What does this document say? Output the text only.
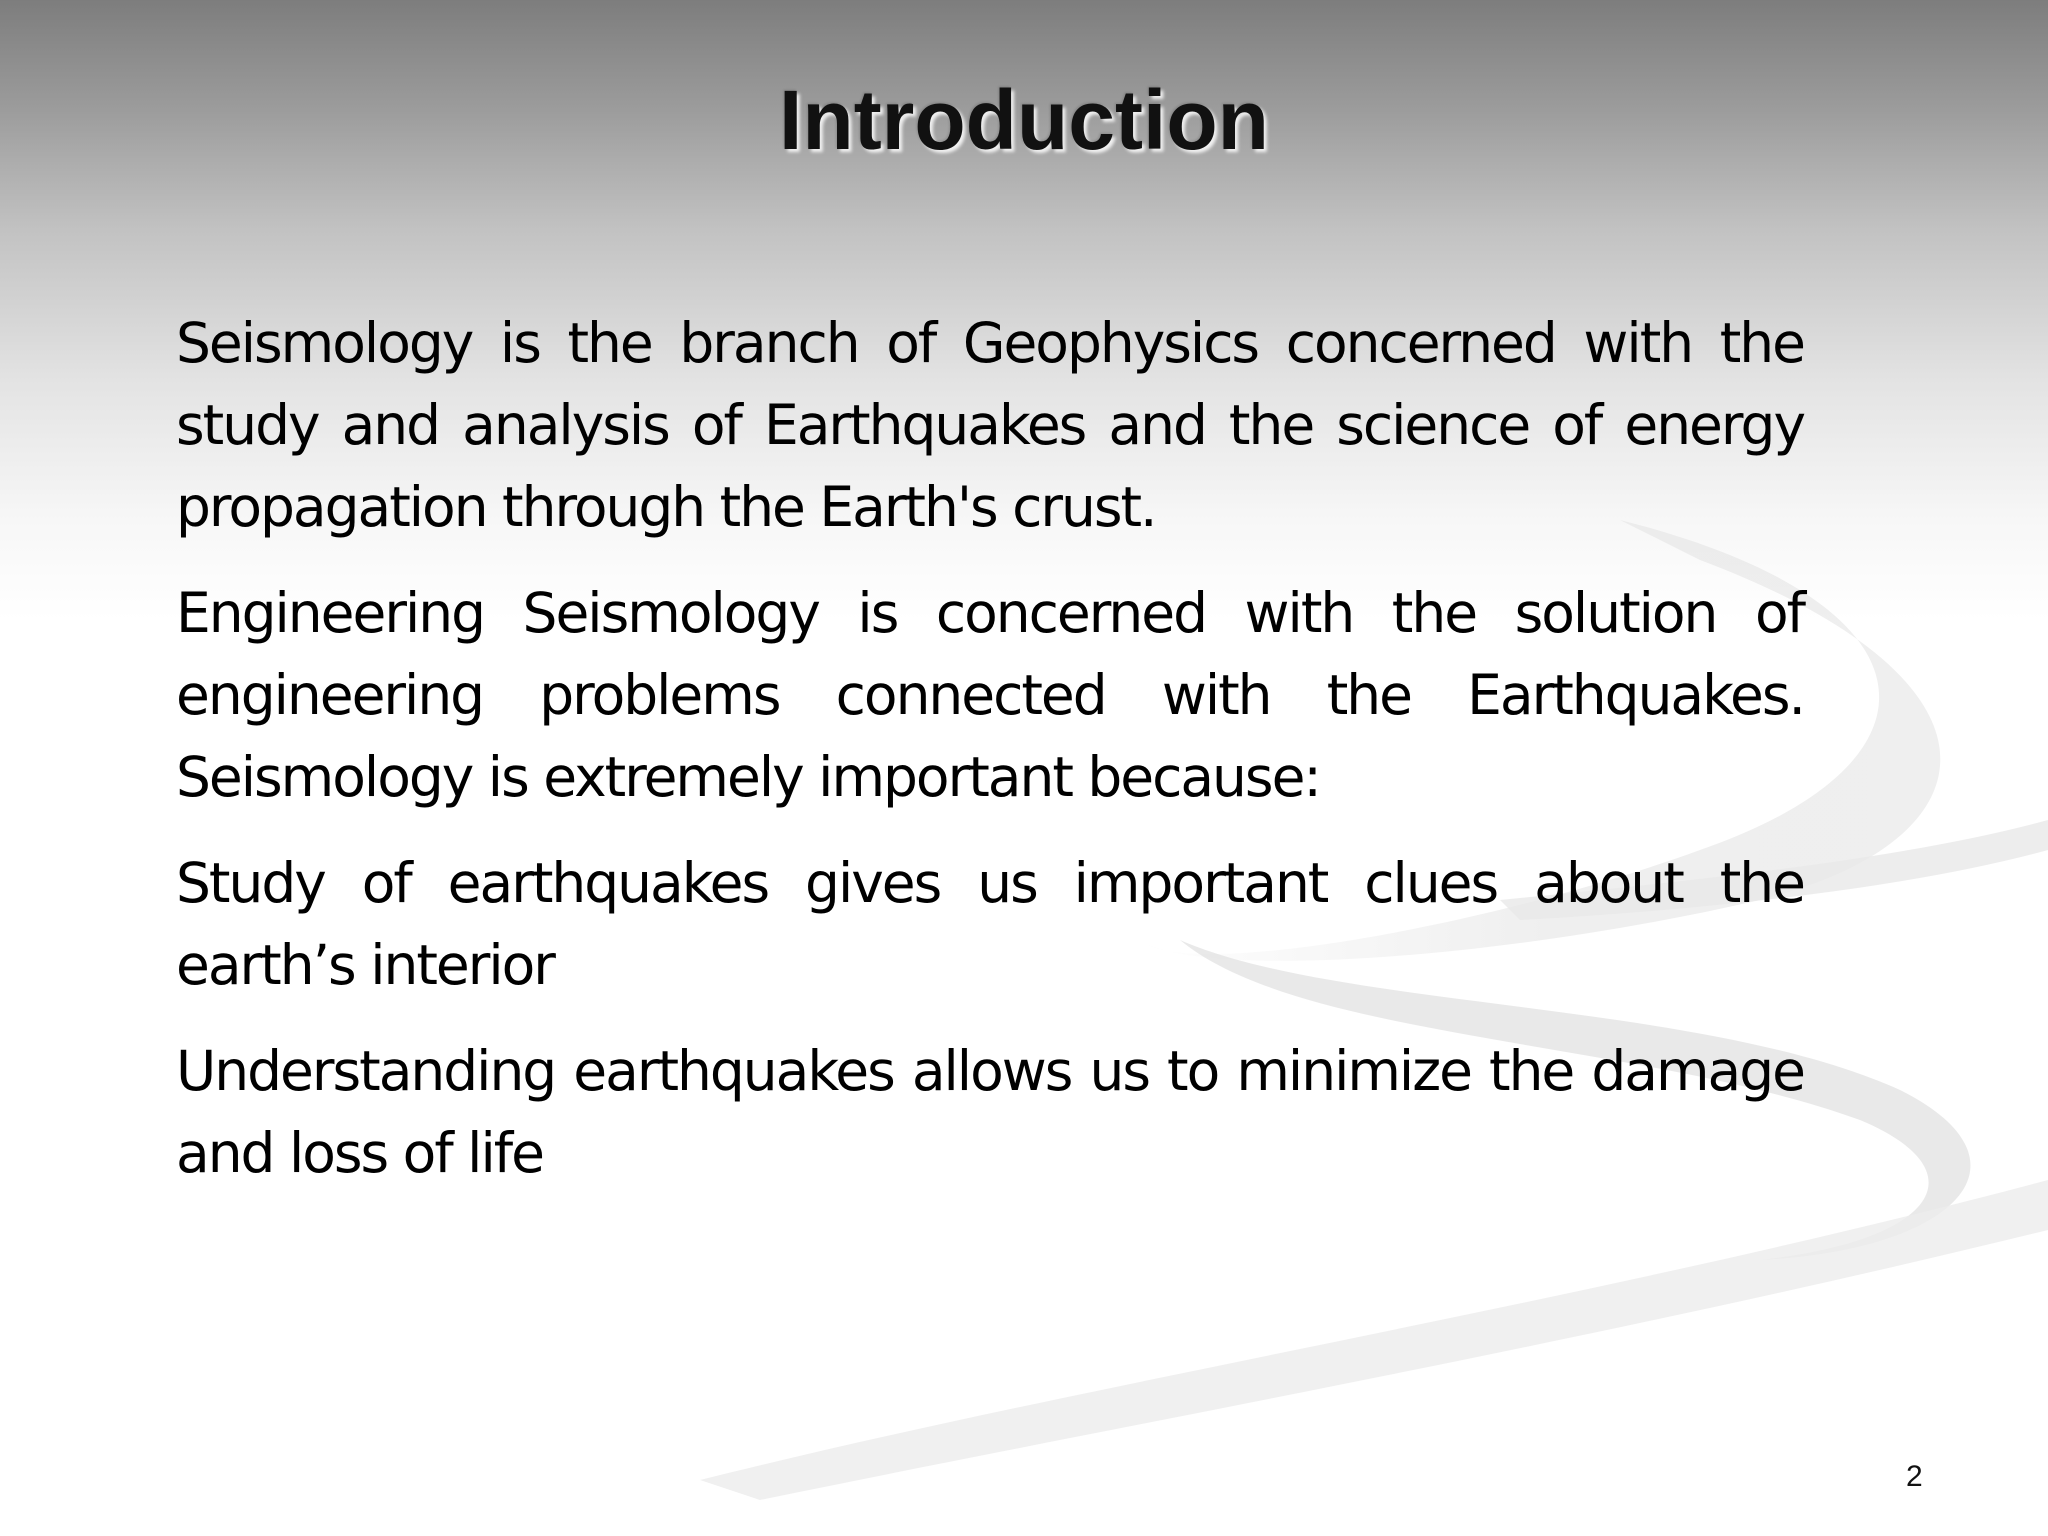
Introduction

Seismology is the branch of Geophysics concerned with the study and analysis of Earthquakes and the science of energy propagation through the Earth's crust.

Engineering Seismology is concerned with the solution of engineering problems connected with the Earthquakes. Seismology is extremely important because:

Study of earthquakes gives us important clues about the earth’s interior

Understanding earthquakes allows us to minimize the damage and loss of life

2
